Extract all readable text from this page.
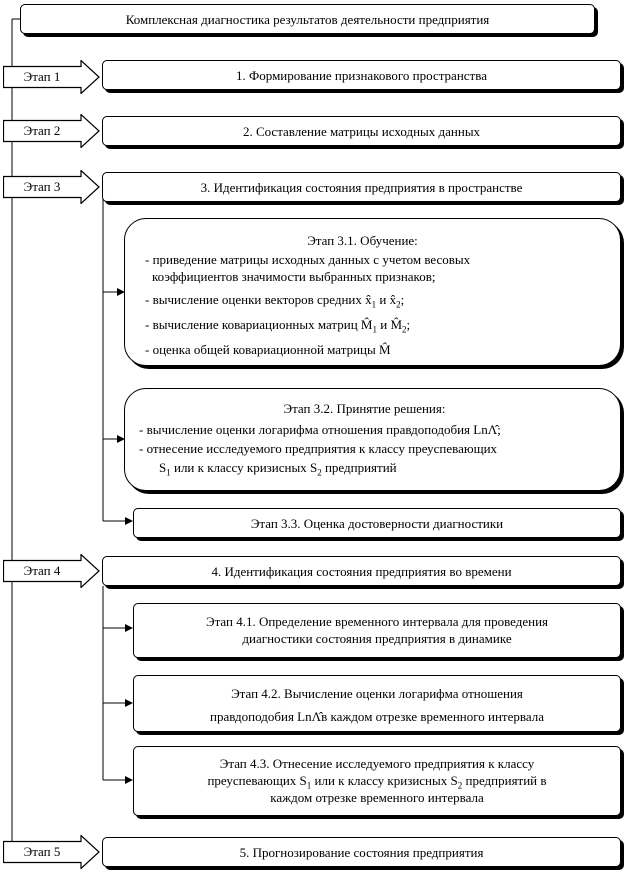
Комплексная диагностика результатов деятельности предприятия
Этап 1
Этап 2
Этап 3
Этап 4
Этап 5
1. Формирование признакового пространства
2. Составление матрицы исходных данных
3. Идентификация состояния предприятия в пространстве
Этап 3.1. Обучение:
- приведение матрицы исходных данных с учетом весовых
коэффициентов значимости выбранных признаков;
- вычисление оценки векторов средних $x̂_1$ и $x̂_2$;
- вычисление ковариационных матриц $M̂_1$ и $M̂_2$;
- оценка общей ковариационной матрицы M̂
Этап 3.2. Принятие решения:
- вычисление оценки логарифма отношения правдоподобия LnΛ̂;
- отнесение исследуемого предприятия к классу преуспевающих
$S_1$ или к классу кризисных $S_2$ предприятий
Этап 3.3. Оценка достоверности диагностики
4. Идентификация состояния предприятия во времени
Этап 4.1. Определение временного интервала для проведения
диагностики состояния предприятия в динамике
Этап 4.2. Вычисление оценки логарифма отношения
правдоподобия LnΛ̂в каждом отрезке временного интервала
Этап 4.3. Отнесение исследуемого предприятия к классу
преуспевающих $S_1$ или к классу кризисных $S_2$ предприятий в
каждом отрезке временного интервала
5. Прогнозирование состояния предприятия
